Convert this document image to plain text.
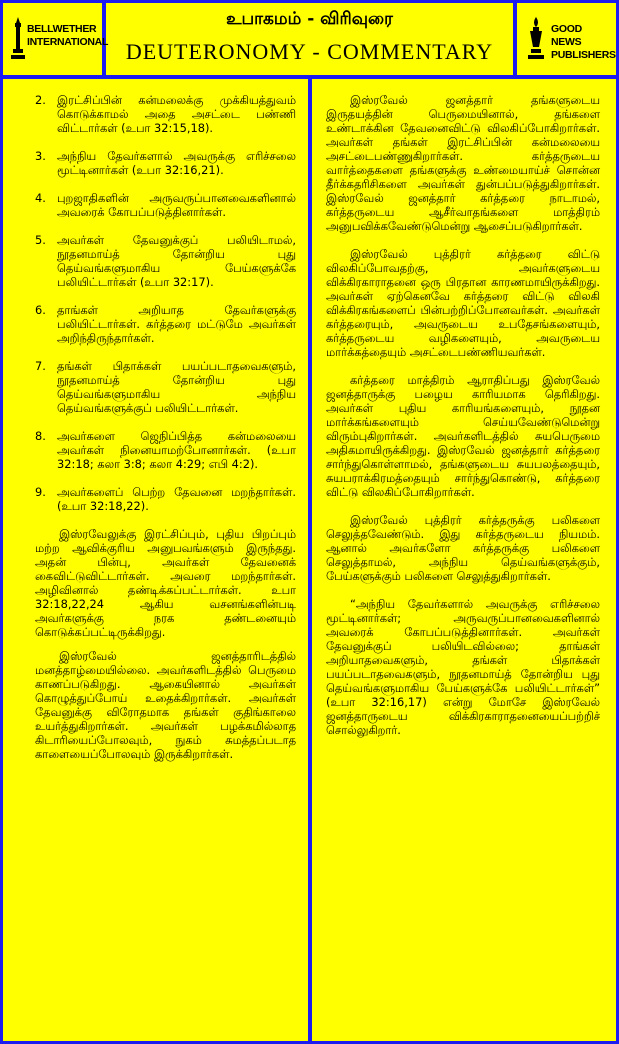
BELLWETHER INTERNATIONAL
உபாகமம் - விரிவுரை
DEUTERONOMY - COMMENTARY
GOOD NEWS PUBLISHERS

2. இரட்சிப்பின் கன்மலைக்கு முக்கியத்துவம் கொடுக்காமல் அதை அசட்டை பண்ணி விட்டார்கள் (உபா 32:15,18).

3. அந்நிய தேவர்களால் அவருக்கு எரிச்சலை மூட்டினார்கள் (உபா 32:16,21).

4. புறஜாதிகளின் அருவருப்பானவைகளினால் அவரைக் கோபப்படுத்தினார்கள்.

5. அவர்கள் தேவனுக்குப் பலியிடாமல், நூதனமாய்த் தோன்றிய புது தெய்வங்களுமாகிய பேய்களுக்கே பலியிட்டார்கள் (உபா 32:17).

6. தாங்கள் அறியாத தேவர்களுக்கு பலியிட்டார்கள். கர்த்தரை மட்டுமே அவர்கள் அறிந்திருந்தார்கள்.

7. தங்கள் பிதாக்கள் பயப்படாதவைகளும், நூதனமாய்த் தோன்றிய புது தெய்வங்களுமாகிய அந்நிய தெய்வங்களுக்குப் பலியிட்டார்கள்.

8. அவர்களை ஜெநிப்பித்த கன்மலையை அவர்கள் நினையாமற்போனார்கள். (உபா 32:18; கலா 3:8; கலா 4:29; எபி 4:2).

9. அவர்களைப் பெற்ற தேவனை மறந்தார்கள். (உபா 32:18,22).

இஸ்ரவேலுக்கு இரட்சிப்பும், புதிய பிறப்பும் மற்ற ஆவிக்குரிய அனுபவங்களும் இருந்தது. அதன் பின்பு, அவர்கள் தேவனைக் கைவிட்டுவிட்டார்கள். அவரை மறந்தார்கள். அழிவினால் தண்டிக்கப்பட்டார்கள். உபா 32:18,22,24 ஆகிய வசனங்களின்படி அவர்களுக்கு நரக தண்டனையும் கொடுக்கப்பட்டிருக்கிறது.

இஸ்ரவேல் ஜனத்தாரிடத்தில் மனத்தாழ்மையில்லை. அவர்களிடத்தில் பெருமை காணப்படுகிறது. ஆகையினால் அவர்கள் கொழுத்துப்போய் உதைக்கிறார்கள். அவர்கள் தேவனுக்கு விரோதமாக தங்கள் குதிங்காலை உயர்த்துகிறார்கள். அவர்கள் பழக்கமில்லாத கிடாரியைப்போலவும், நுகம் சுமத்தப்படாத காளையைப்போலவும் இருக்கிறார்கள்.

இஸ்ரவேல் ஜனத்தார் தங்களுடைய இருதயத்தின் பெருமையினால், தங்களை உண்டாக்கின தேவனைவிட்டு விலகிப்போகிறார்கள். அவர்கள் தங்கள் இரட்சிப்பின் கன்மலையை அசட்டைபண்ணுகிறார்கள். கர்த்தருடைய வார்த்தைகளை தங்களுக்கு உண்மையாய்ச் சொன்ன தீர்க்கதரிசிகளை அவர்கள் துன்பப்படுத்துகிறார்கள். இஸ்ரவேல் ஜனத்தார் கர்த்தரை நாடாமல், கர்த்தருடைய ஆசீர்வாதங்களை மாத்திரம் அனுபவிக்கவேண்டுமென்று ஆசைப்படுகிறார்கள்.

இஸ்ரவேல் புத்திரர் கர்த்தரை விட்டு விலகிப்போவதற்கு, அவர்களுடைய விக்கிரகாராதனை ஒரு பிரதான காரணமாயிருக்கிறது. அவர்கள் ஏற்கெனவே கர்த்தரை விட்டு விலகி விக்கிரகங்களைப் பின்பற்றிப்போனவர்கள். அவர்கள் கர்த்தரையும், அவருடைய உபதேசங்களையும், கர்த்தருடைய வழிகளையும், அவருடைய மார்க்கத்தையும் அசட்டைபண்ணியவர்கள்.

கர்த்தரை மாத்திரம் ஆராதிப்பது இஸ்ரவேல் ஜனத்தாருக்கு பழைய காரியமாக தெரிகிறது. அவர்கள் புதிய காரியங்களையும், நூதன மார்க்கங்களையும் செய்யவேண்டுமென்று விரும்புகிறார்கள். அவர்களிடத்தில் சுயபெருமை அதிகமாயிருக்கிறது. இஸ்ரவேல் ஜனத்தார் கர்த்தரை சார்ந்துகொள்ளாமல், தங்களுடைய சுயபலத்தையும், சுயபராக்கிரமத்தையும் சார்ந்துகொண்டு, கர்த்தரை விட்டு விலகிப்போகிறார்கள்.

இஸ்ரவேல் புத்திரர் கர்த்தருக்கு பலிகளை செலுத்தவேண்டும். இது கர்த்தருடைய நியமம். ஆனால் அவர்களோ கர்த்தருக்கு பலிகளை செலுத்தாமல், அந்நிய தெய்வங்களுக்கும், பேய்களுக்கும் பலிகளை செலுத்துகிறார்கள்.

“அந்நிய தேவர்களால் அவருக்கு எரிச்சலை மூட்டினார்கள்; அருவருப்பானவைகளினால் அவரைக் கோபப்படுத்தினார்கள். அவர்கள் தேவனுக்குப் பலியிடவில்லை; தாங்கள் அறியாதவைகளும், தங்கள் பிதாக்கள் பயப்படாதவைகளும், நூதனமாய்த் தோன்றிய புது தெய்வங்களுமாகிய பேய்களுக்கே பலியிட்டார்கள்” (உபா 32:16,17) என்று மோசே இஸ்ரவேல் ஜனத்தாருடைய விக்கிரகாராதனையைப்பற்றிச் சொல்லுகிறார்.
